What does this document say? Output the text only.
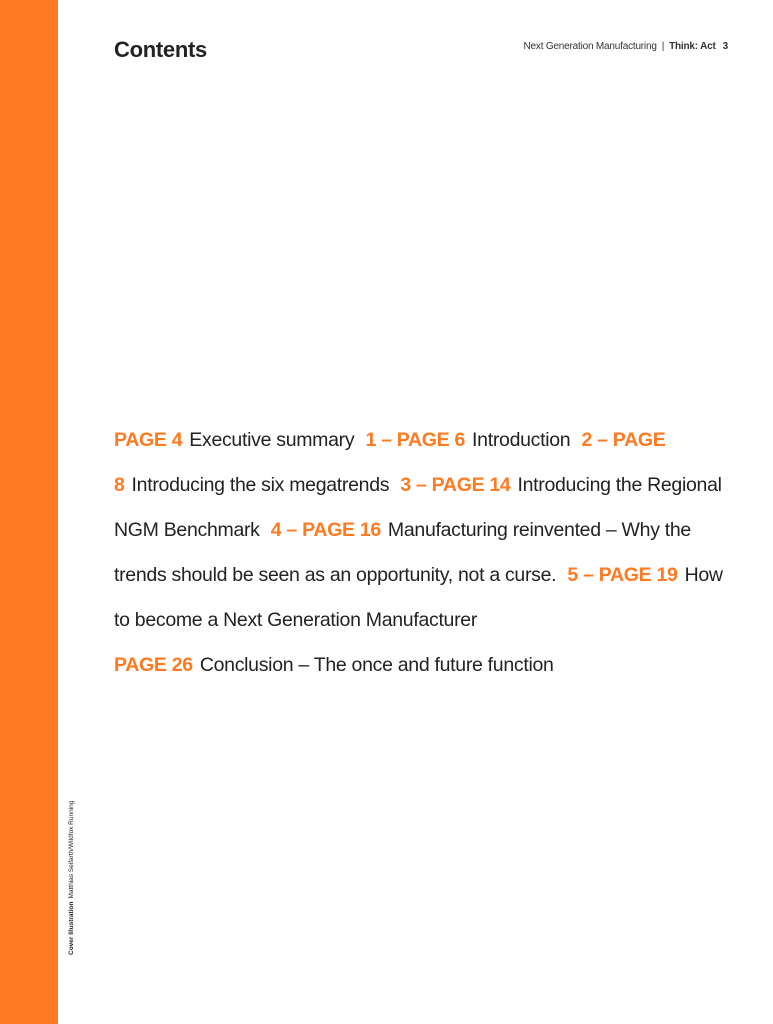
Contents	Next Generation Manufacturing | Think: Act 3
PAGE 4 Executive summary 1 – PAGE 6 Introduction 2 – PAGE 8 Introducing the six megatrends 3 – PAGE 14 Introducing the Regional NGM Benchmark 4 – PAGE 16 Manufacturing reinvented – Why the trends should be seen as an opportunity, not a curse. 5 – PAGE 19 How to become a Next Generation Manufacturer
PAGE 26 Conclusion – The once and future function
Cover IllustrationMatthias Seifarth/Wildfox Running
